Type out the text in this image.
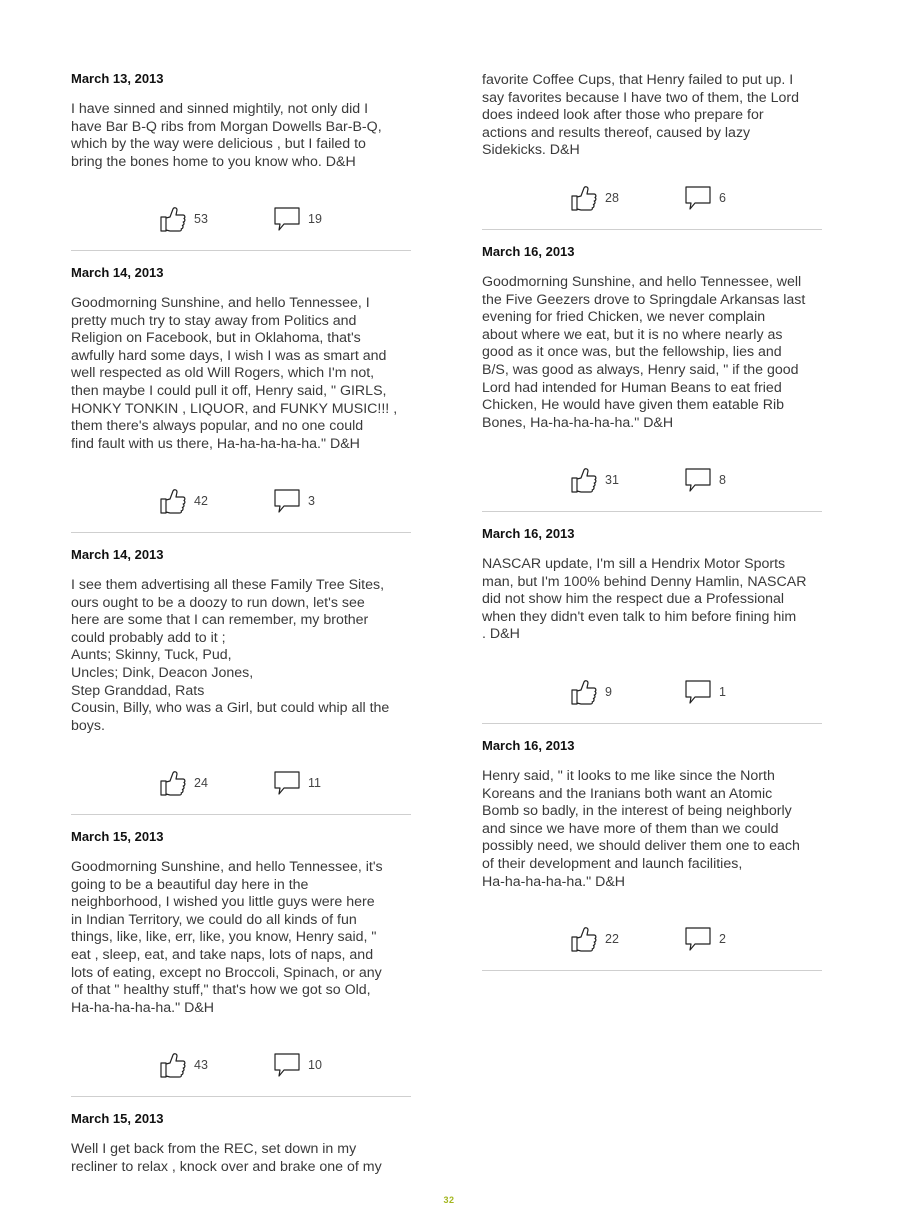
March 13, 2013

I have sinned and sinned mightily, not only did I
have Bar B-Q ribs from Morgan Dowells Bar-B-Q,
which by the way were delicious , but I failed to
bring the bones home to you know who. D&H

53	19
March 14, 2013

Goodmorning Sunshine, and hello Tennessee, I
pretty much try to stay away from Politics and
Religion on Facebook, but in Oklahoma, that's
awfully hard some days, I wish I was as smart and
well respected as old Will Rogers, which I'm not,
then maybe I could pull it off, Henry said, " GIRLS,
HONKY TONKIN , LIQUOR, and FUNKY MUSIC!!! ,
them there's always popular, and no one could
find fault with us there, Ha-ha-ha-ha-ha." D&H

42	3
March 14, 2013

I see them advertising all these Family Tree Sites,
ours ought to be a doozy to run down, let's see
here are some that I can remember, my brother
could probably add to it ;
Aunts; Skinny, Tuck, Pud,
Uncles; Dink, Deacon Jones,
Step Granddad, Rats
Cousin, Billy, who was a Girl, but could whip all the
boys.

24	11
March 15, 2013

Goodmorning Sunshine, and hello Tennessee, it's
going to be a beautiful day here in the
neighborhood, I wished you little guys were here
in Indian Territory, we could do all kinds of fun
things, like, like, err, like, you know, Henry said, "
eat , sleep, eat, and take naps, lots of naps, and
lots of eating, except no Broccoli, Spinach, or any
of that " healthy stuff," that's how we got so Old,
Ha-ha-ha-ha-ha." D&H

43	10
March 15, 2013

Well I get back from the REC, set down in my
recliner to relax , knock over and brake one of my

favorite Coffee Cups, that Henry failed to put up. I
say favorites because I have two of them, the Lord
does indeed look after those who prepare for
actions and results thereof, caused by lazy
Sidekicks. D&H

28	6
March 16, 2013

Goodmorning Sunshine, and hello Tennessee, well
the Five Geezers drove to Springdale Arkansas last
evening for fried Chicken, we never complain
about where we eat, but it is no where nearly as
good as it once was, but the fellowship, lies and
B/S, was good as always, Henry said, " if the good
Lord had intended for Human Beans to eat fried
Chicken, He would have given them eatable Rib
Bones, Ha-ha-ha-ha-ha." D&H

31	8
March 16, 2013

NASCAR update, I'm sill a Hendrix Motor Sports
man, but I'm 100% behind Denny Hamlin, NASCAR
did not show him the respect due a Professional
when they didn't even talk to him before fining him
. D&H

9	1
March 16, 2013

Henry said, " it looks to me like since the North
Koreans and the Iranians both want an Atomic
Bomb so badly, in the interest of being neighborly
and since we have more of them than we could
possibly need, we should deliver them one to each
of their development and launch facilities,
Ha-ha-ha-ha-ha." D&H

22	2
32
